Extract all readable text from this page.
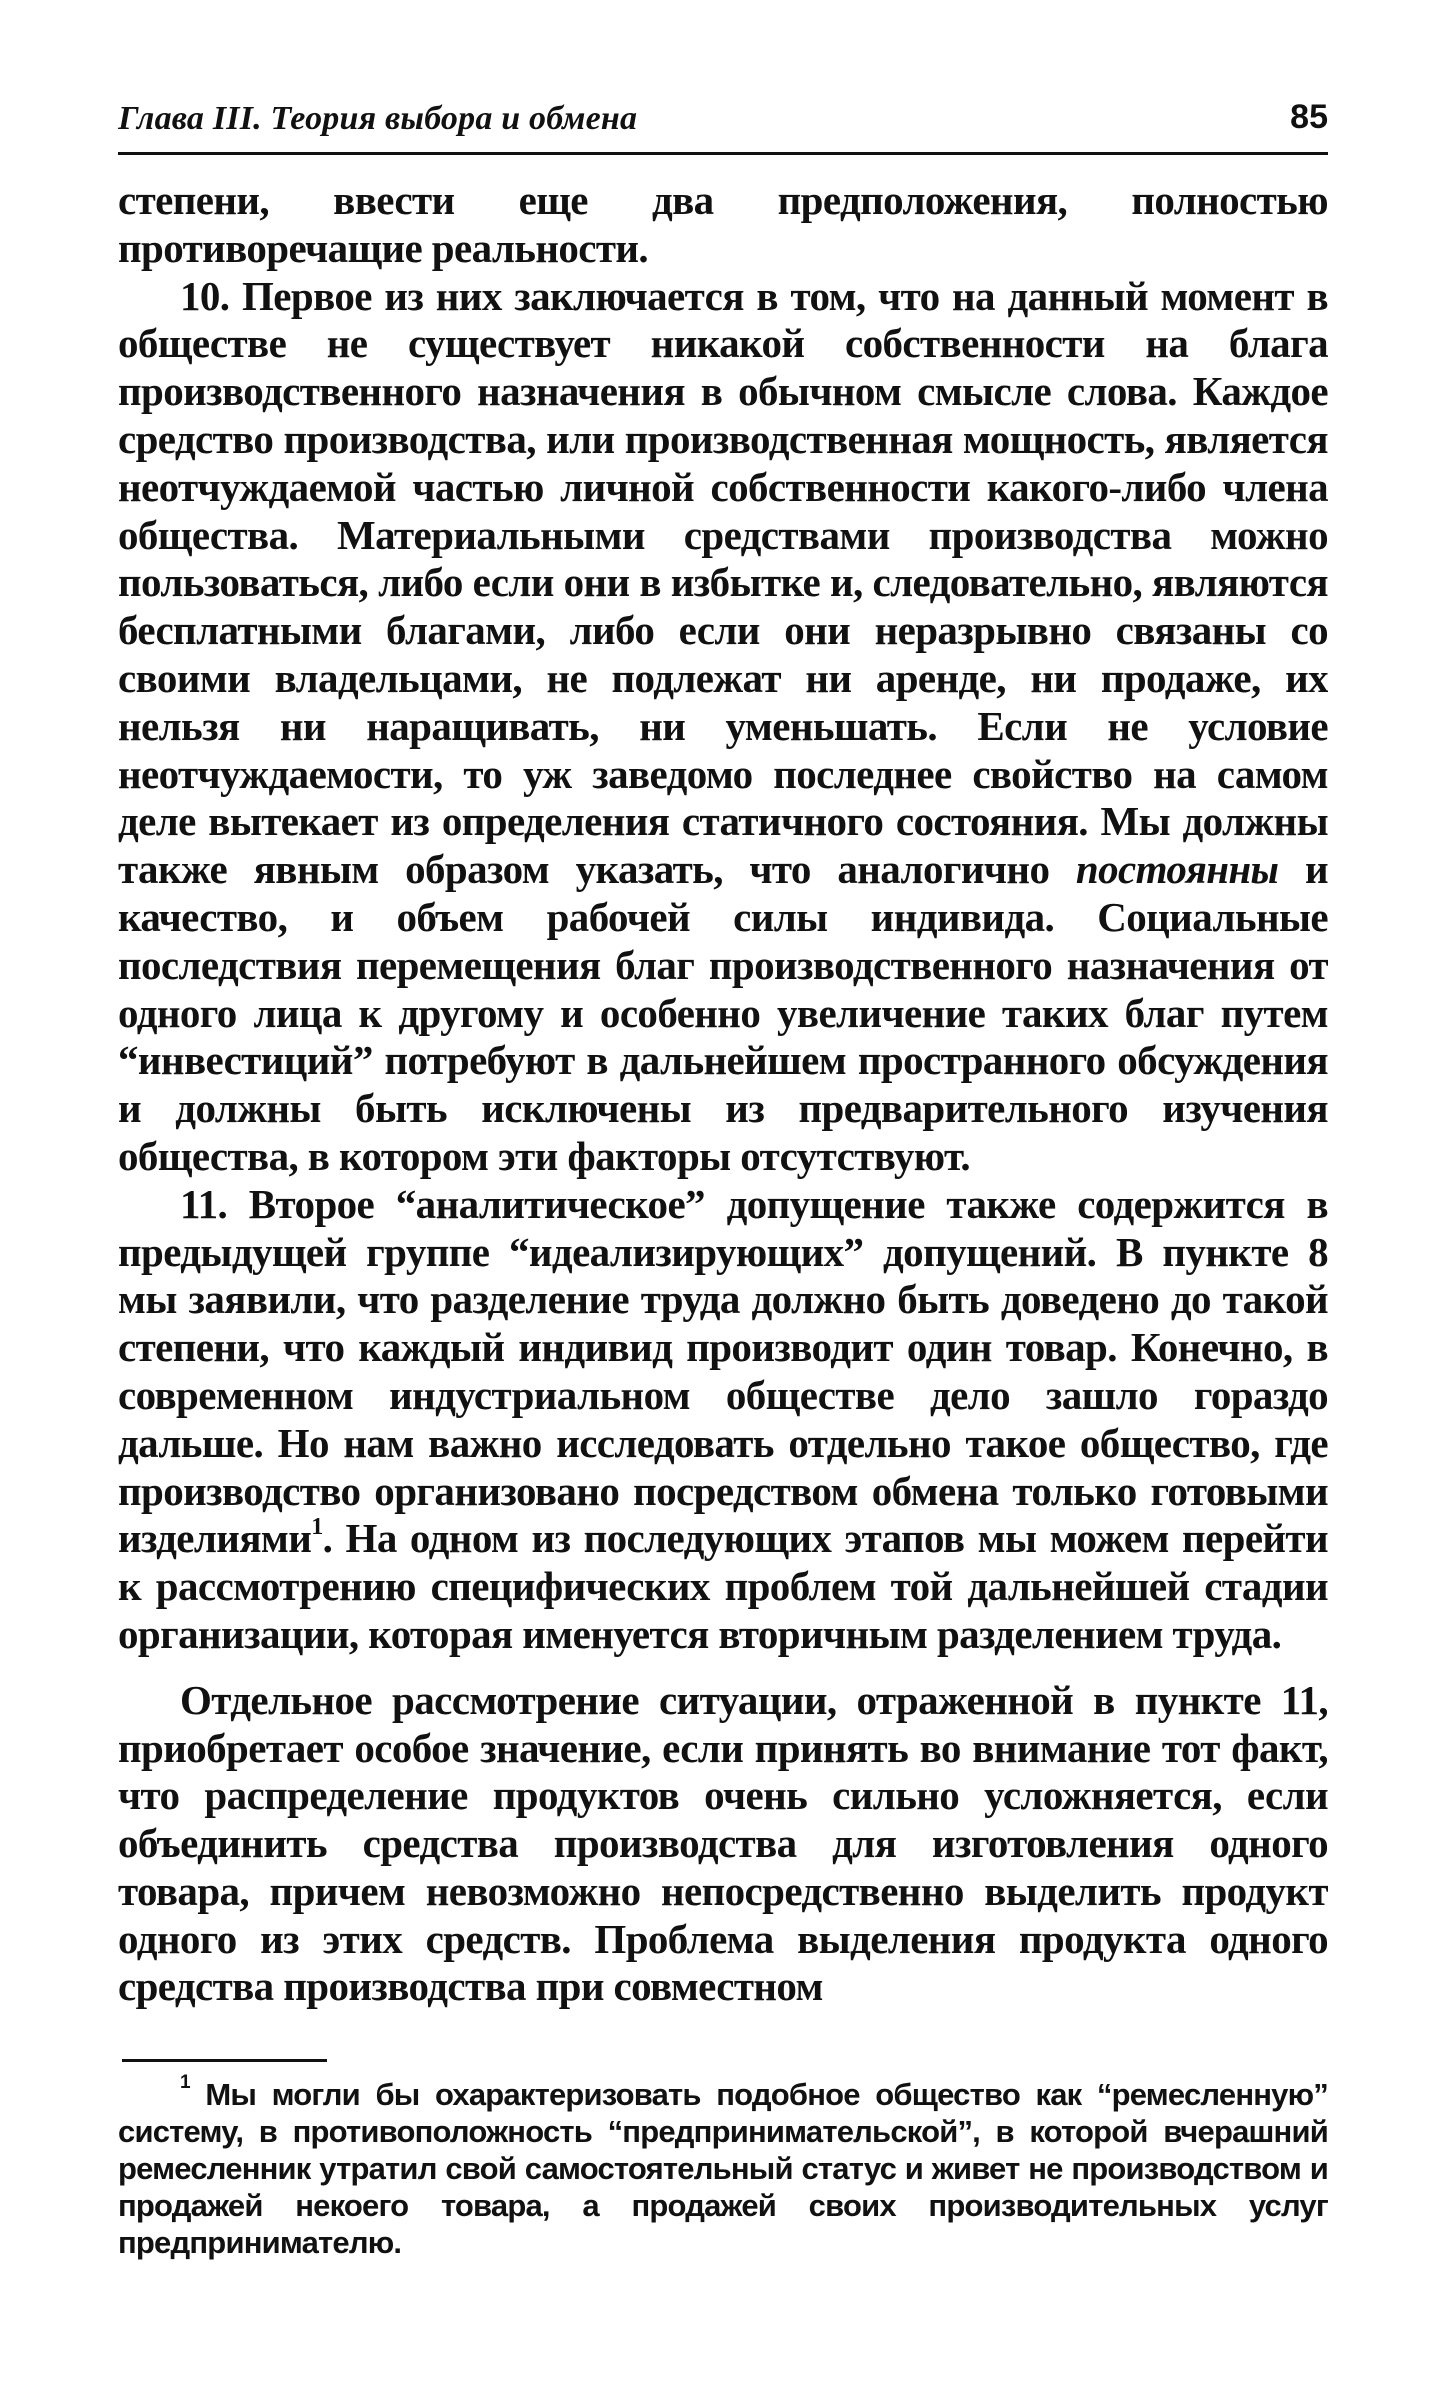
Глава III. Теория выбора и обмена	85

степени, ввести еще два предположения, полностью противоречащие реальности.

10. Первое из них заключается в том, что на данный момент в обществе не существует никакой собственности на блага производственного назначения в обычном смысле слова. Каждое средство производства, или производственная мощность, является неотчуждаемой частью личной собственности какого-либо члена общества. Материальными средствами производства можно пользоваться, либо если они в избытке и, следовательно, являются бесплатными благами, либо если они неразрывно связаны со своими владельцами, не подлежат ни аренде, ни продаже, их нельзя ни наращивать, ни уменьшать. Если не условие неотчуждаемости, то уж заведомо последнее свойство на самом деле вытекает из определения статичного состояния. Мы должны также явным образом указать, что аналогично постоянны и качество, и объем рабочей силы индивида. Социальные последствия перемещения благ производственного назначения от одного лица к другому и особенно увеличение таких благ путем “инвестиций” потребуют в дальнейшем пространного обсуждения и должны быть исключены из предварительного изучения общества, в котором эти факторы отсутствуют.

11. Второе “аналитическое” допущение также содержится в предыдущей группе “идеализирующих” допущений. В пункте 8 мы заявили, что разделение труда должно быть доведено до такой степени, что каждый индивид производит один товар. Конечно, в современном индустриальном обществе дело зашло гораздо дальше. Но нам важно исследовать отдельно такое общество, где производство организовано посредством обмена только готовыми изделиями$^1$. На одном из последующих этапов мы можем перейти к рассмотрению специфических проблем той дальнейшей стадии организации, которая именуется вторичным разделением труда.

Отдельное рассмотрение ситуации, отраженной в пункте 11, приобретает особое значение, если принять во внимание тот факт, что распределение продуктов очень сильно усложняется, если объединить средства производства для изготовления одного товара, причем невозможно непосредственно выделить продукт одного из этих средств. Проблема выделения продукта одного средства производства при совместном

$^1$ Мы могли бы охарактеризовать подобное общество как “ремесленную” систему, в противоположность “предпринимательской”, в которой вчерашний ремесленник утратил свой самостоятельный статус и живет не производством и продажей некоего товара, а продажей своих производительных услуг предпринимателю.
